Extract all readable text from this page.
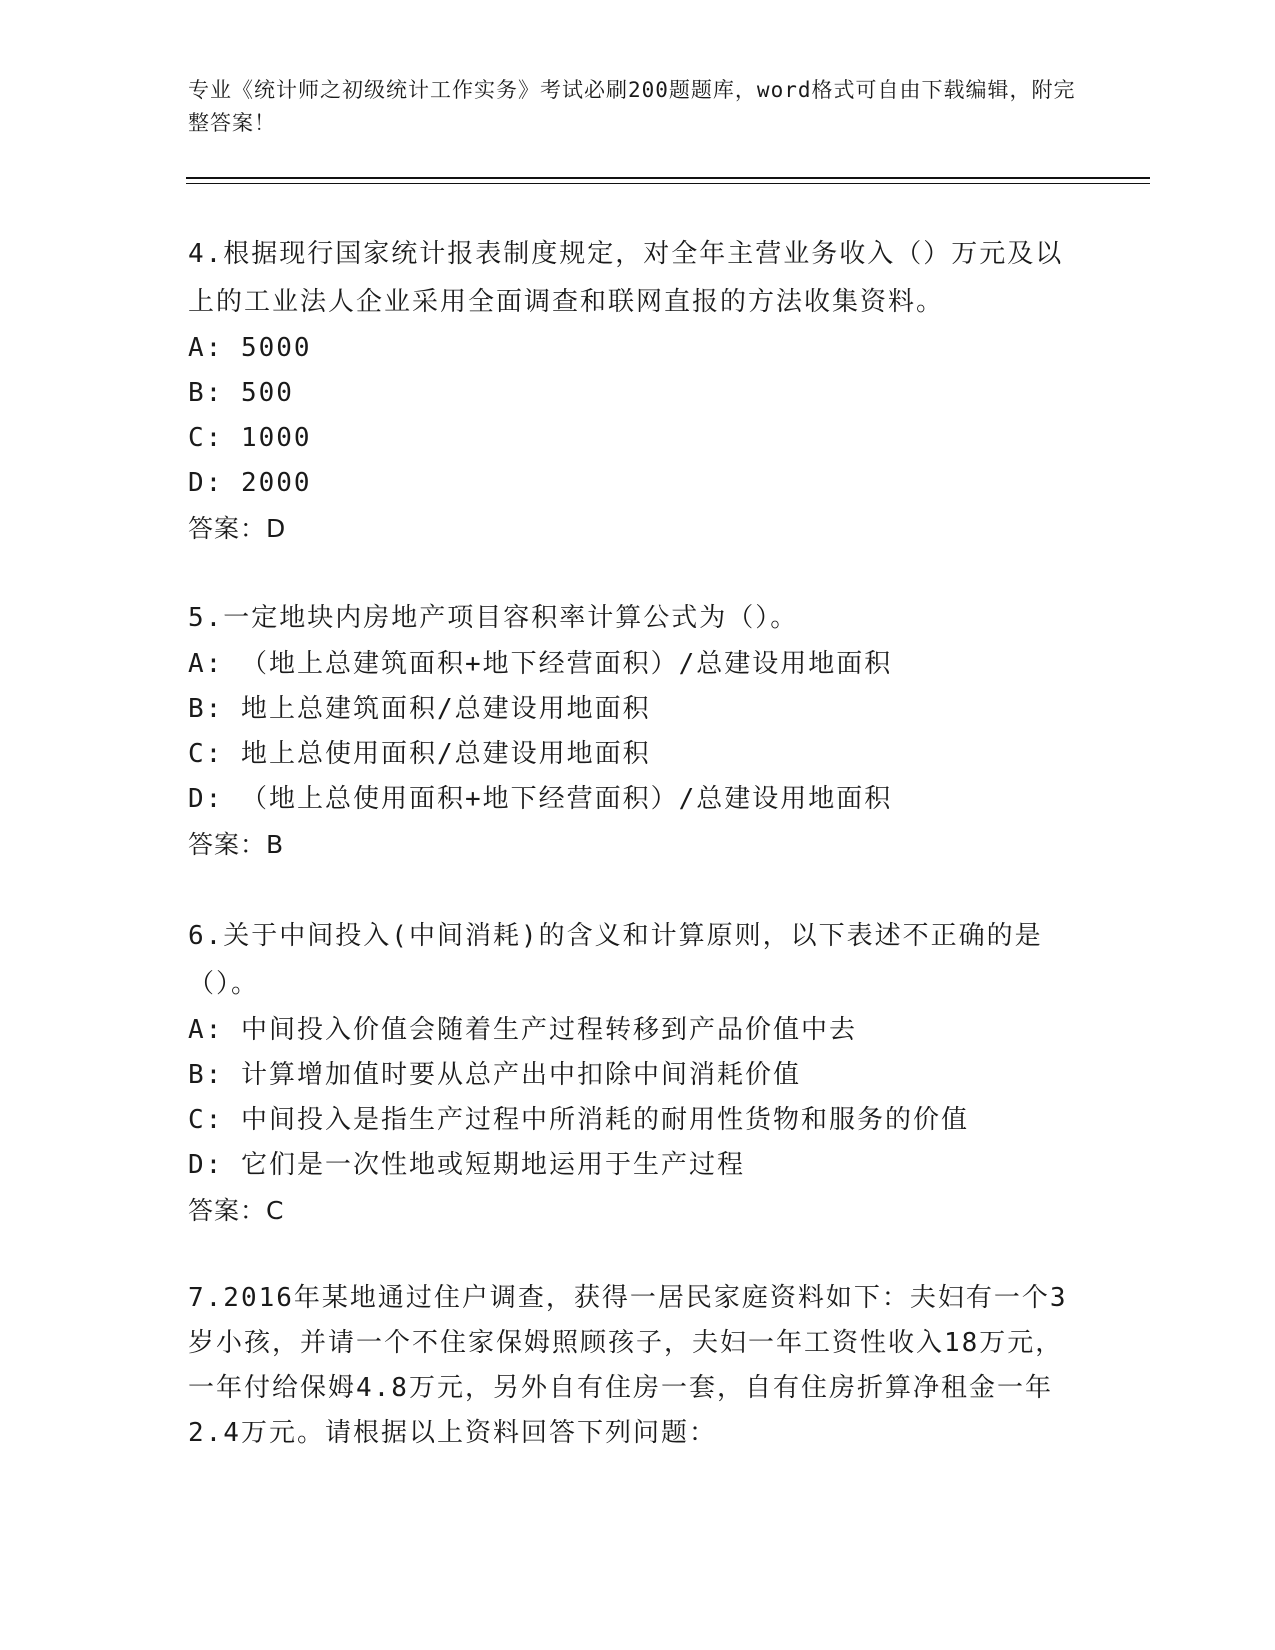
专业《统计师之初级统计工作实务》考试必刷200题题库，word格式可自由下载编辑，附完整答案！
4.根据现行国家统计报表制度规定，对全年主营业务收入（）万元及以上的工业法人企业采用全面调查和联网直报的方法收集资料。
A: 5000
B: 500
C: 1000
D: 2000
答案：D
5.一定地块内房地产项目容积率计算公式为（）。
A: （地上总建筑面积+地下经营面积）/总建设用地面积
B: 地上总建筑面积/总建设用地面积
C: 地上总使用面积/总建设用地面积
D: （地上总使用面积+地下经营面积）/总建设用地面积
答案：B
6.关于中间投入(中间消耗)的含义和计算原则，以下表述不正确的是（）。
A: 中间投入价值会随着生产过程转移到产品价值中去
B: 计算增加值时要从总产出中扣除中间消耗价值
C: 中间投入是指生产过程中所消耗的耐用性货物和服务的价值
D: 它们是一次性地或短期地运用于生产过程
答案：C
7.2016年某地通过住户调查，获得一居民家庭资料如下：夫妇有一个3岁小孩，并请一个不住家保姆照顾孩子，夫妇一年工资性收入18万元，一年付给保姆4.8万元，另外自有住房一套，自有住房折算净租金一年2.4万元。请根据以上资料回答下列问题：
